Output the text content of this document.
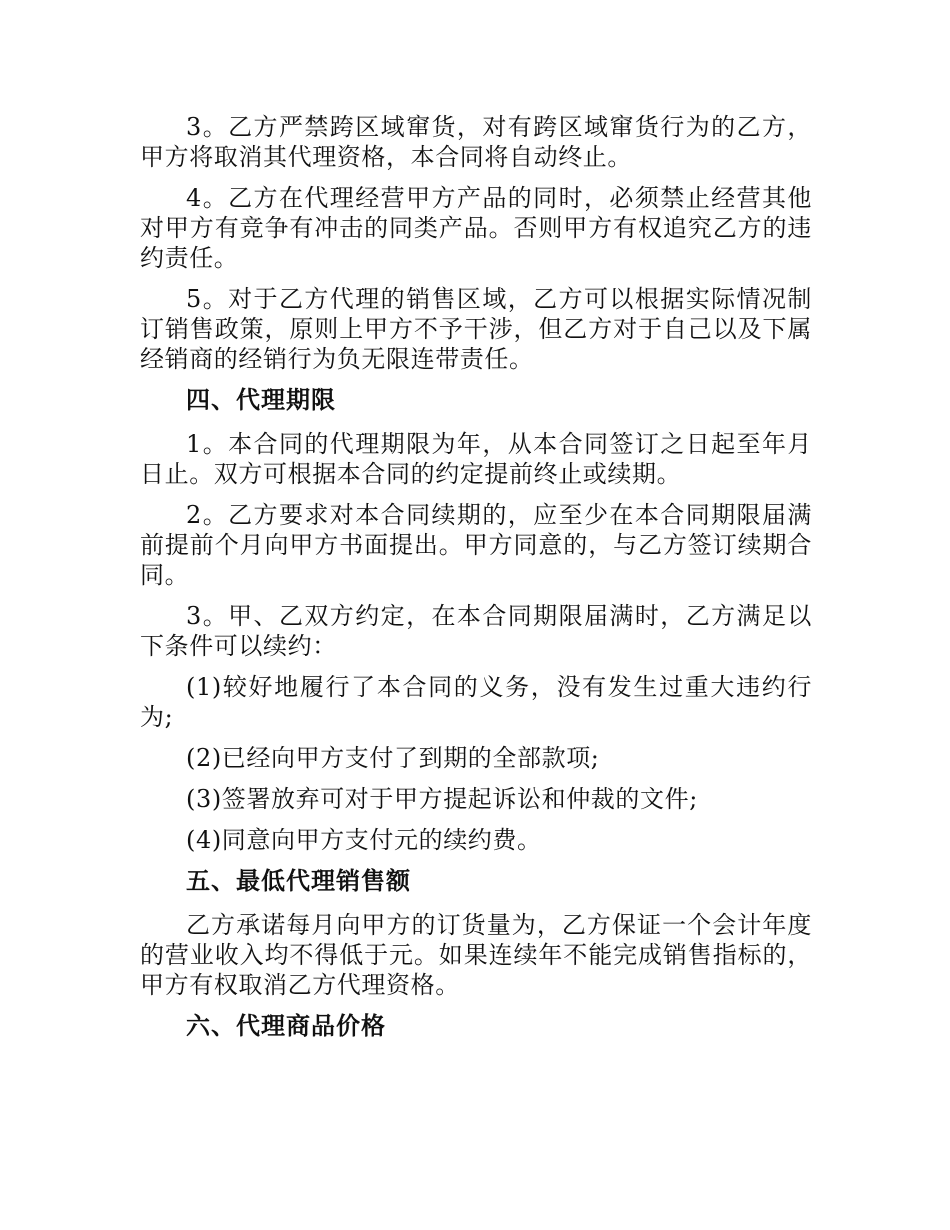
3。乙方严禁跨区域窜货，对有跨区域窜货行为的乙方，甲方将取消其代理资格，本合同将自动终止。

4。乙方在代理经营甲方产品的同时，必须禁止经营其他对甲方有竞争有冲击的同类产品。否则甲方有权追究乙方的违约责任。

5。对于乙方代理的销售区域，乙方可以根据实际情况制订销售政策，原则上甲方不予干涉，但乙方对于自己以及下属经销商的经销行为负无限连带责任。

四、代理期限

1。本合同的代理期限为年，从本合同签订之日起至年月日止。双方可根据本合同的约定提前终止或续期。

2。乙方要求对本合同续期的，应至少在本合同期限届满前提前个月向甲方书面提出。甲方同意的，与乙方签订续期合同。

3。甲、乙双方约定，在本合同期限届满时，乙方满足以下条件可以续约：

(1)较好地履行了本合同的义务，没有发生过重大违约行为;

(2)已经向甲方支付了到期的全部款项;

(3)签署放弃可对于甲方提起诉讼和仲裁的文件;

(4)同意向甲方支付元的续约费。

五、最低代理销售额

乙方承诺每月向甲方的订货量为，乙方保证一个会计年度的营业收入均不得低于元。如果连续年不能完成销售指标的，甲方有权取消乙方代理资格。

六、代理商品价格
